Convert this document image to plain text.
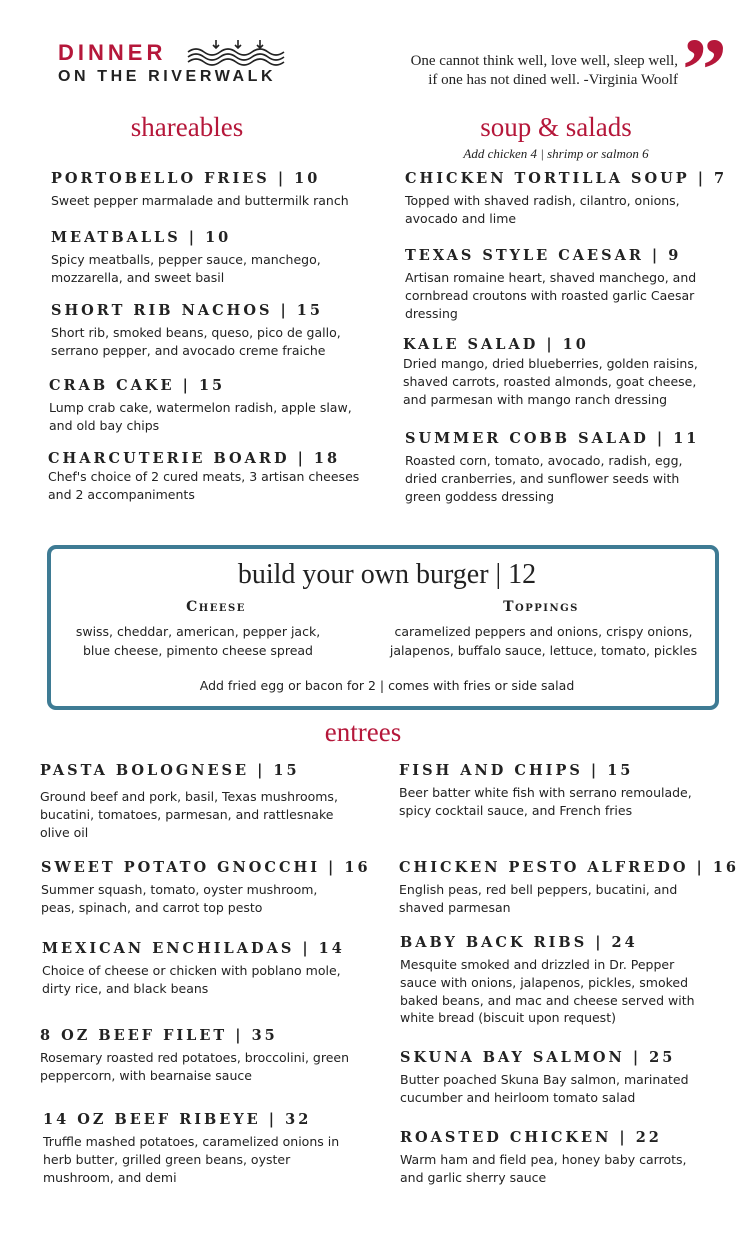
DINNER
ON THE RIVERWALK
One cannot think well, love well, sleep well,
if one has not dined well. -Virginia Woolf ”
shareables
PORTOBELLO FRIES | 10
Sweet pepper marmalade and buttermilk ranch
MEATBALLS | 10
Spicy meatballs, pepper sauce, manchego, mozzarella, and sweet basil
SHORT RIB NACHOS | 15
Short rib, smoked beans, queso, pico de gallo, serrano pepper, and avocado creme fraiche
CRAB CAKE | 15
Lump crab cake, watermelon radish, apple slaw, and old bay chips
CHARCUTERIE BOARD | 18
Chef's choice of 2 cured meats, 3 artisan cheeses and 2 accompaniments
soup & salads
Add chicken 4 | shrimp or salmon 6
CHICKEN TORTILLA SOUP | 7
Topped with shaved radish, cilantro, onions, avocado and lime
TEXAS STYLE CAESAR | 9
Artisan romaine heart, shaved manchego, and cornbread croutons with roasted garlic Caesar dressing
KALE SALAD | 10
Dried mango, dried blueberries, golden raisins, shaved carrots, roasted almonds, goat cheese, and parmesan with mango ranch dressing
SUMMER COBB SALAD | 11
Roasted corn, tomato, avocado, radish, egg, dried cranberries, and sunflower seeds with green goddess dressing
build your own burger | 12
Cheese
swiss, cheddar, american, pepper jack, blue cheese, pimento cheese spread
Toppings
caramelized peppers and onions, crispy onions, jalapenos, buffalo sauce, lettuce, tomato, pickles
Add fried egg or bacon for 2 | comes with fries or side salad
entrees
PASTA BOLOGNESE | 15
Ground beef and pork, basil, Texas mushrooms, bucatini, tomatoes, parmesan, and rattlesnake olive oil
SWEET POTATO GNOCCHI | 16
Summer squash, tomato, oyster mushroom, peas, spinach, and carrot top pesto
MEXICAN ENCHILADAS | 14
Choice of cheese or chicken with poblano mole, dirty rice, and black beans
8 OZ BEEF FILET | 35
Rosemary roasted red potatoes, broccolini, green peppercorn, with bearnaise sauce
14 OZ BEEF RIBEYE | 32
Truffle mashed potatoes, caramelized onions in herb butter, grilled green beans, oyster mushroom, and demi
FISH AND CHIPS | 15
Beer batter white fish with serrano remoulade, spicy cocktail sauce, and French fries
CHICKEN PESTO ALFREDO | 16
English peas, red bell peppers, bucatini, and shaved parmesan
BABY BACK RIBS | 24
Mesquite smoked and drizzled in Dr. Pepper sauce with onions, jalapenos, pickles, smoked baked beans, and mac and cheese served with white bread (biscuit upon request)
SKUNA BAY SALMON | 25
Butter poached Skuna Bay salmon, marinated cucumber and heirloom tomato salad
ROASTED CHICKEN | 22
Warm ham and field pea, honey baby carrots, and garlic sherry sauce
